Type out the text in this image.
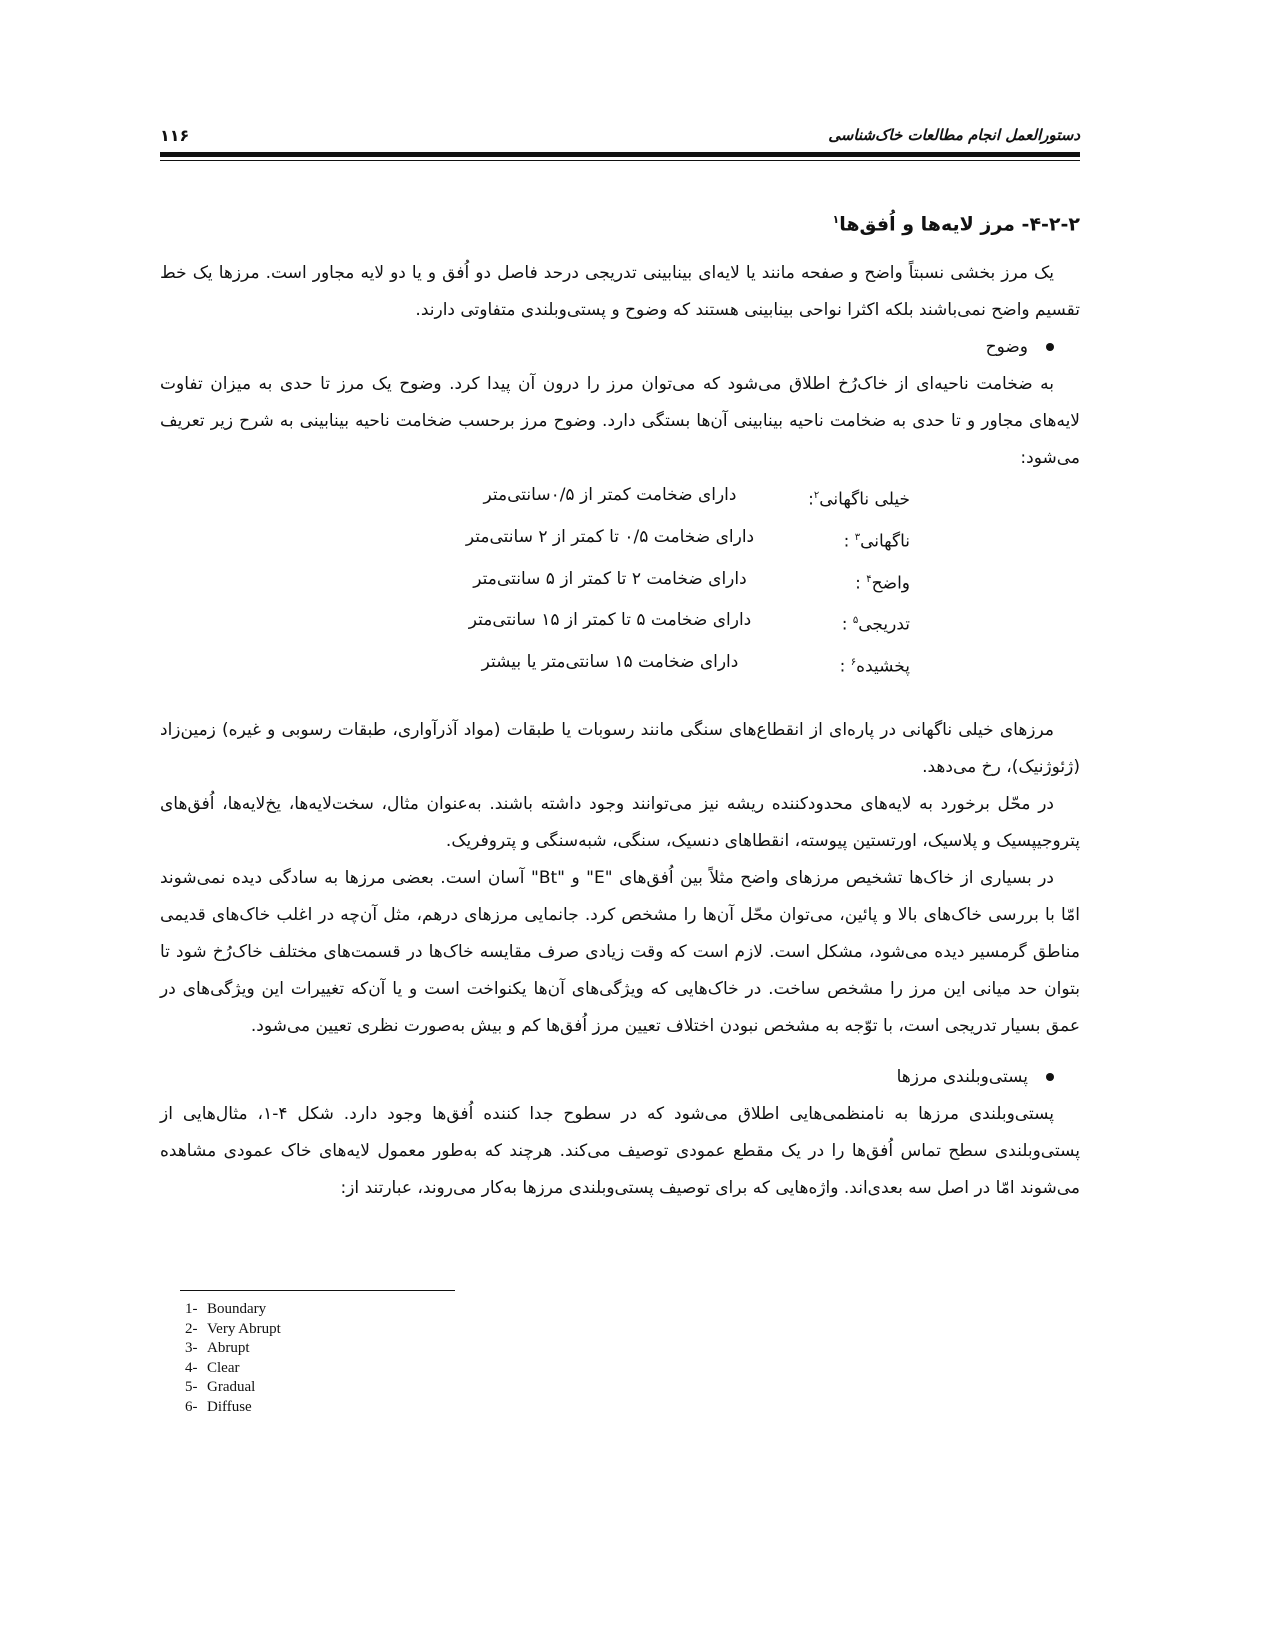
دستورالعمل انجام مطالعات خاک‌شناسی
۱۱۶
۴-۲-۲- مرز لایه‌ها و اُفق‌ها$^۱$

یک مرز بخشی نسبتاً واضح و صفحه مانند یا لایه‌ای بینابینی تدریجی درحد فاصل دو اُفق و یا دو لایه مجاور است. مرزها یک خط تقسیم واضح نمی‌باشند بلکه اکثرا نواحی بینابینی هستند که وضوح و پستی‌وبلندی متفاوتی دارند.

وضوح

به ضخامت ناحیه‌ای از خاک‌رُخ اطلاق می‌شود که می‌توان مرز را درون آن پیدا کرد. وضوح یک مرز تا حدی به میزان تفاوت لایه‌های مجاور و تا حدی به ضخامت ناحیه بینابینی آن‌ها بستگی دارد. وضوح مرز برحسب ضخامت ناحیه بینابینی به شرح زیر تعریف می‌شود:

خیلی ناگهانی$^۲$:
دارای ضخامت کمتر از ۰/۵سانتی‌متر
ناگهانی$^۳$ :
دارای ضخامت ۰/۵ تا کمتر از ۲ سانتی‌متر
واضح$^۴$ :
دارای ضخامت ۲ تا کمتر از ۵ سانتی‌متر
تدریجی$^۵$ :
دارای ضخامت ۵ تا کمتر از ۱۵ سانتی‌متر
پخشیده$^۶$ :
دارای ضخامت ۱۵ سانتی‌متر یا بیشتر

مرزهای خیلی ناگهانی در پاره‌ای از انقطاع‌های سنگی مانند رسوبات یا طبقات (مواد آذرآواری، طبقات رسوبی و غیره) زمین‌زاد (ژئوژنیک)، رخ می‌دهد.

در محّل برخورد به لایه‌های محدودکننده ریشه نیز می‌توانند وجود داشته باشند. به‌عنوان مثال، سخت‌لایه‌ها، یخ‌لایه‌ها، اُفق‌های پتروجیپسیک و پلاسیک، اورتستین پیوسته، انقطاهای دنسیک، سنگی، شبه‌سنگی و پتروفریک.

در بسیاری از خاک‌ها تشخیص مرزهای واضح مثلاً بین اُفق‌های "E" و "Bt" آسان است. بعضی مرزها به سادگی دیده نمی‌شوند امّا با بررسی خاک‌های بالا و پائین، می‌توان محّل آن‌ها را مشخص کرد. جانمایی مرزهای درهم، مثل آن‌چه در اغلب خاک‌های قدیمی مناطق گرمسیر دیده می‌شود، مشکل است. لازم است که وقت زیادی صرف مقایسه خاک‌ها در قسمت‌های مختلف خاک‌رُخ شود تا بتوان حد میانی این مرز را مشخص ساخت. در خاک‌هایی که ویژگی‌های آن‌ها یکنواخت است و یا آن‌که تغییرات این ویژگی‌های در عمق بسیار تدریجی است، با توّجه به مشخص نبودن اختلاف تعیین مرز اُفق‌ها کم و بیش به‌صورت نظری تعیین می‌شود.

پستی‌وبلندی مرزها

پستی‌وبلندی مرزها به نامنظمی‌هایی اطلاق می‌شود که در سطوح جدا کننده اُفق‌ها وجود دارد. شکل ۴-۱، مثال‌هایی از پستی‌وبلندی سطح تماس اُفق‌ها را در یک مقطع عمودی توصیف می‌کند. هرچند که به‌طور معمول لایه‌های خاک عمودی مشاهده می‌شوند امّا در اصل سه بعدی‌اند. واژه‌هایی که برای توصیف پستی‌وبلندی مرزها به‌کار می‌روند، عبارتند از:

1- Boundary
2- Very Abrupt
3- Abrupt
4- Clear
5- Gradual
6- Diffuse
